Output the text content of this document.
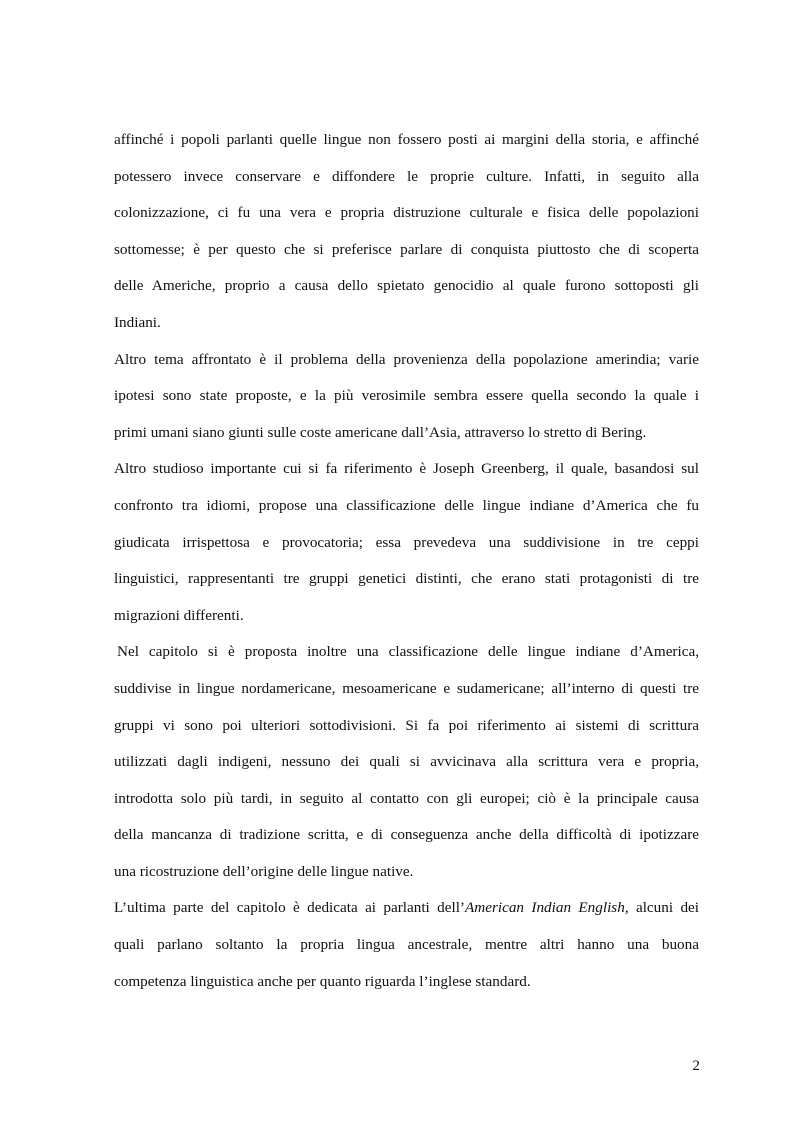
affinché i popoli parlanti quelle lingue non fossero posti ai margini della storia, e affinché
potessero invece conservare e diffondere le proprie culture. Infatti, in seguito alla
colonizzazione, ci fu una vera e propria distruzione culturale e fisica delle popolazioni
sottomesse; è per questo che si preferisce parlare di conquista piuttosto che di scoperta
delle Americhe, proprio a causa dello spietato genocidio al quale furono sottoposti gli
Indiani.

Altro tema affrontato è il problema della provenienza della popolazione amerindia; varie
ipotesi sono state proposte, e la più verosimile sembra essere quella secondo la quale i
primi umani siano giunti sulle coste americane dall’Asia, attraverso lo stretto di Bering.

Altro studioso importante cui si fa riferimento è Joseph Greenberg, il quale, basandosi sul
confronto tra idiomi, propose una classificazione delle lingue indiane d’America che fu
giudicata irrispettosa e provocatoria; essa prevedeva una suddivisione in tre ceppi
linguistici, rappresentanti tre gruppi genetici distinti, che erano stati protagonisti di tre
migrazioni differenti.

Nel capitolo si è proposta inoltre una classificazione delle lingue indiane d’America,
suddivise in lingue nordamericane, mesoamericane e sudamericane; all’interno di questi tre
gruppi vi sono poi ulteriori sottodivisioni. Si fa poi riferimento ai sistemi di scrittura
utilizzati dagli indigeni, nessuno dei quali si avvicinava alla scrittura vera e propria,
introdotta solo più tardi, in seguito al contatto con gli europei; ciò è la principale causa
della mancanza di tradizione scritta, e di conseguenza anche della difficoltà di ipotizzare
una ricostruzione dell’origine delle lingue native.

L’ultima parte del capitolo è dedicata ai parlanti dell’American Indian English, alcuni dei
quali parlano soltanto la propria lingua ancestrale, mentre altri hanno una buona
competenza linguistica anche per quanto riguarda l’inglese standard.

2
